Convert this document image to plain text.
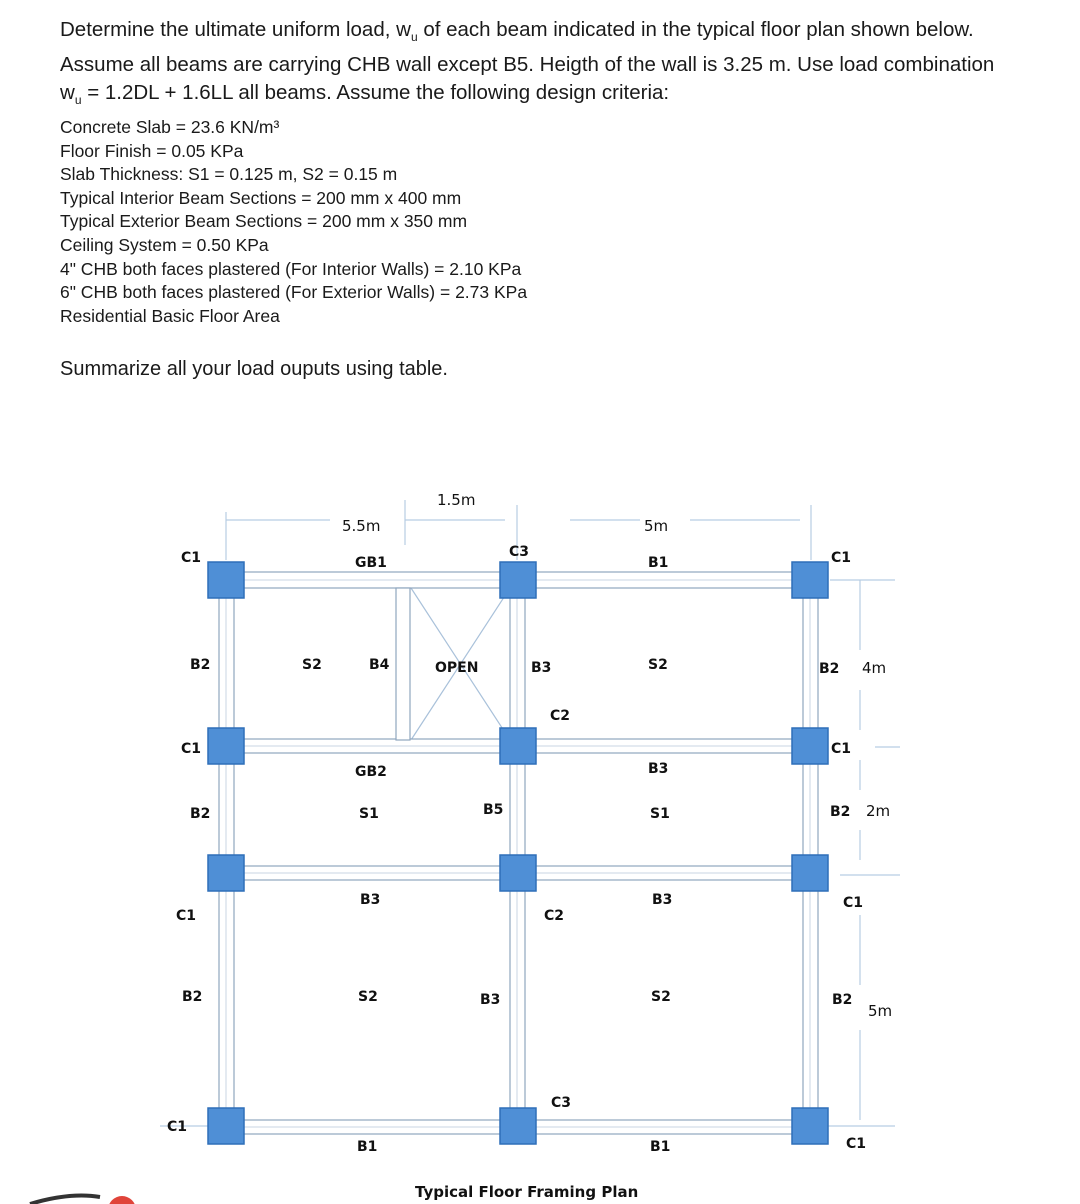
Determine the ultimate uniform load, $w_u$ of each beam indicated in the typical floor plan shown below. Assume all beams are carrying CHB wall except B5. Heigth of the wall is 3.25 m. Use load combination $w_u = 1.2DL + 1.6LL$ all beams. Assume the following design criteria:
Concrete Slab = 23.6 KN/m³
Floor Finish = 0.05 KPa
Slab Thickness: S1 = 0.125 m, S2 = 0.15 m
Typical Interior Beam Sections = 200 mm x 400 mm
Typical Exterior Beam Sections = 200 mm x 350 mm
Ceiling System = 0.50 KPa
4" CHB both faces plastered (For Interior Walls) = 2.10 KPa
6" CHB both faces plastered (For Exterior Walls) = 2.73 KPa
Residential Basic Floor Area
Summarize all your load ouputs using table.
5.5m
1.5m
5m
4m
2m
5m
C1	GB1
C3
B1	C1
B2	S2	B4	OPEN	B3	S2	B2
C2
C1	C1
GB2	B3
B2	S1	B5	S1	B2
B3	B3
C1	C2
C1
B2	S2	B3	S2	B2
C3
C1
B1	B1	C1
Typical Floor Framing Plan
